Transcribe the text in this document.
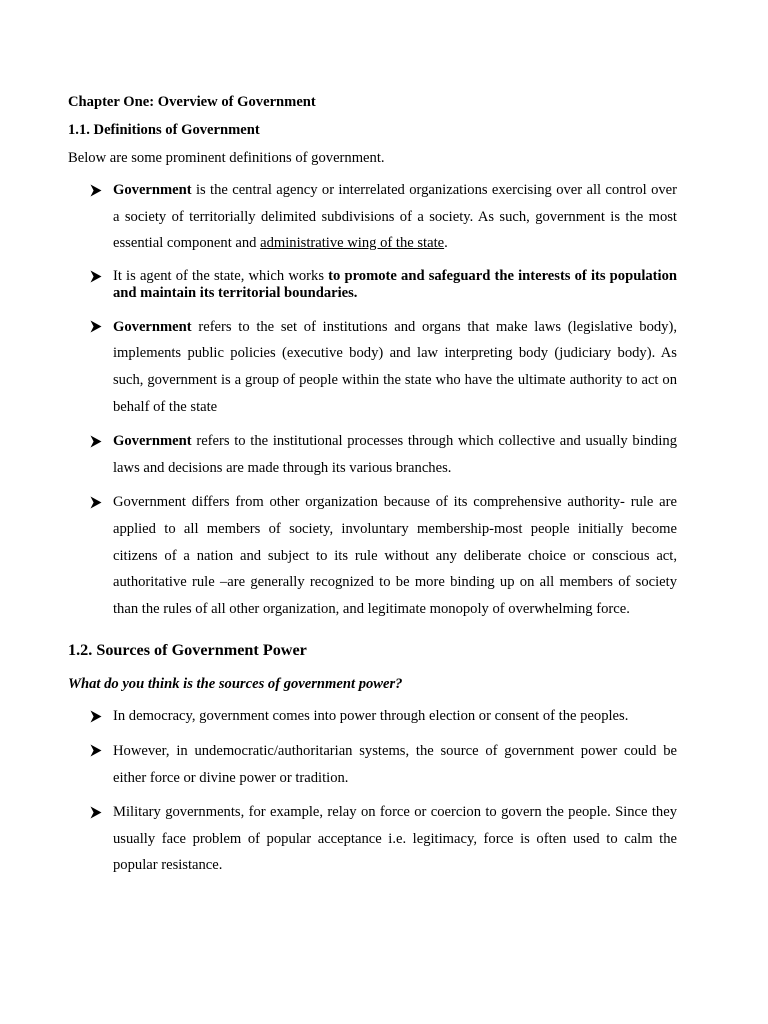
Chapter One: Overview of Government

1.1. Definitions of Government

Below are some prominent definitions of government.

Government is the central agency or interrelated organizations exercising over all control over a society of territorially delimited subdivisions of a society. As such, government is the most essential component and administrative wing of the state.
It is agent of the state, which works to promote and safeguard the interests of its population and maintain its territorial boundaries.
Government refers to the set of institutions and organs that make laws (legislative body), implements public policies (executive body) and law interpreting body (judiciary body). As such, government is a group of people within the state who have the ultimate authority to act on behalf of the state
Government refers to the institutional processes through which collective and usually binding laws and decisions are made through its various branches.
Government differs from other organization because of its comprehensive authority- rule are applied to all members of society, involuntary membership-most people initially become citizens of a nation and subject to its rule without any deliberate choice or conscious act, authoritative rule –are generally recognized to be more binding up on all members of society than the rules of all other organization, and legitimate monopoly of overwhelming force.

1.2. Sources of Government Power

What do you think is the sources of government power?

In democracy, government comes into power through election or consent of the peoples.
However, in undemocratic/authoritarian systems, the source of government power could be either force or divine power or tradition.
Military governments, for example, relay on force or coercion to govern the people. Since they usually face problem of popular acceptance i.e. legitimacy, force is often used to calm the popular resistance.
